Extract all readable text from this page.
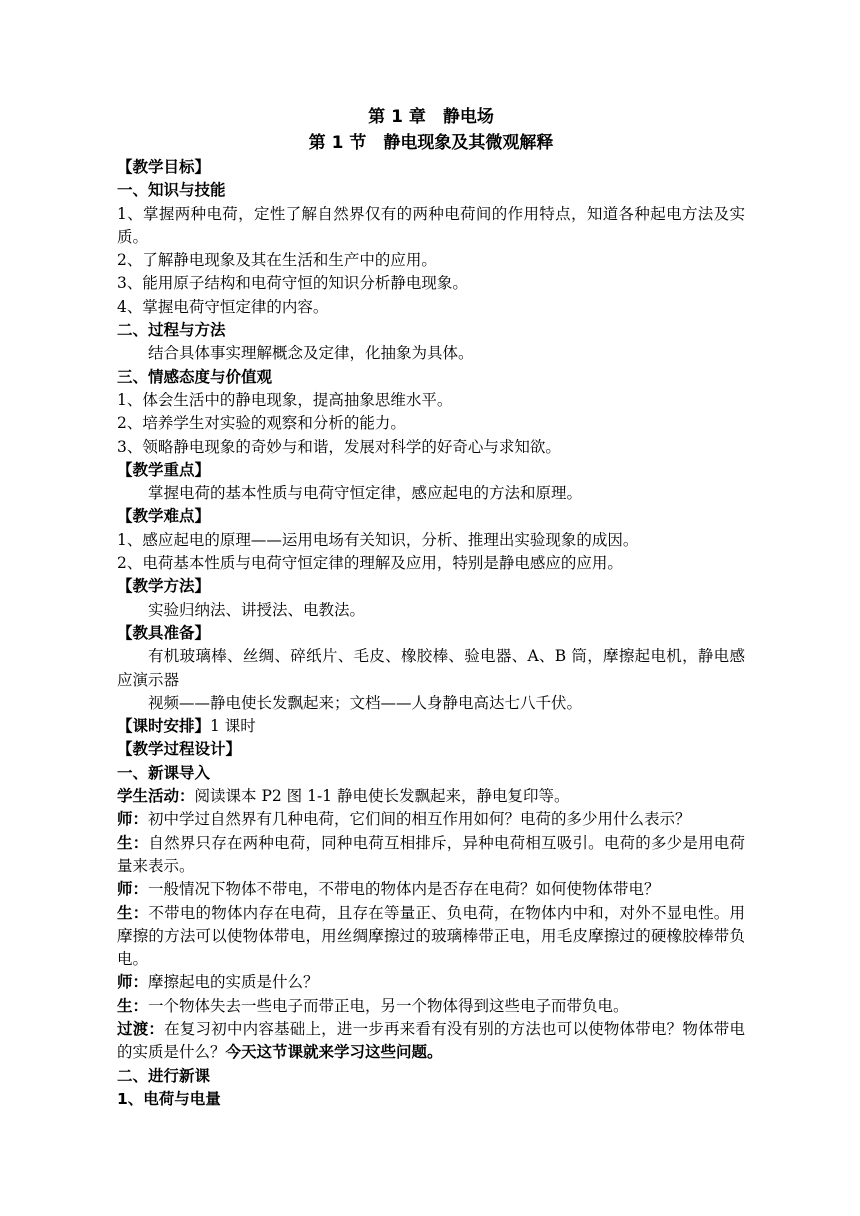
第 1 章　静电场
第 1 节　静电现象及其微观解释
【教学目标】
一、知识与技能
1、掌握两种电荷，定性了解自然界仅有的两种电荷间的作用特点，知道各种起电方法及实质。
2、了解静电现象及其在生活和生产中的应用。
3、能用原子结构和电荷守恒的知识分析静电现象。
4、掌握电荷守恒定律的内容。
二、过程与方法
结合具体事实理解概念及定律，化抽象为具体。
三、情感态度与价值观
1、体会生活中的静电现象，提高抽象思维水平。
2、培养学生对实验的观察和分析的能力。
3、领略静电现象的奇妙与和谐，发展对科学的好奇心与求知欲。
【教学重点】
掌握电荷的基本性质与电荷守恒定律，感应起电的方法和原理。
【教学难点】
1、感应起电的原理——运用电场有关知识，分析、推理出实验现象的成因。
2、电荷基本性质与电荷守恒定律的理解及应用，特别是静电感应的应用。
【教学方法】
实验归纳法、讲授法、电教法。
【教具准备】
有机玻璃棒、丝绸、碎纸片、毛皮、橡胶棒、验电器、A、B 筒，摩擦起电机，静电感应演示器
视频——静电使长发飘起来；文档——人身静电高达七八千伏。
【课时安排】1 课时
【教学过程设计】
一、新课导入
学生活动：阅读课本 P2 图 1-1 静电使长发飘起来，静电复印等。
师：初中学过自然界有几种电荷，它们间的相互作用如何？电荷的多少用什么表示？
生：自然界只存在两种电荷，同种电荷互相排斥，异种电荷相互吸引。电荷的多少是用电荷量来表示。
师：一般情况下物体不带电，不带电的物体内是否存在电荷？如何使物体带电？
生：不带电的物体内存在电荷，且存在等量正、负电荷，在物体内中和，对外不显电性。用摩擦的方法可以使物体带电，用丝绸摩擦过的玻璃棒带正电，用毛皮摩擦过的硬橡胶棒带负电。
师：摩擦起电的实质是什么？
生：一个物体失去一些电子而带正电，另一个物体得到这些电子而带负电。
过渡：在复习初中内容基础上，进一步再来看有没有别的方法也可以使物体带电？物体带电的实质是什么？今天这节课就来学习这些问题。
二、进行新课
1、电荷与电量
